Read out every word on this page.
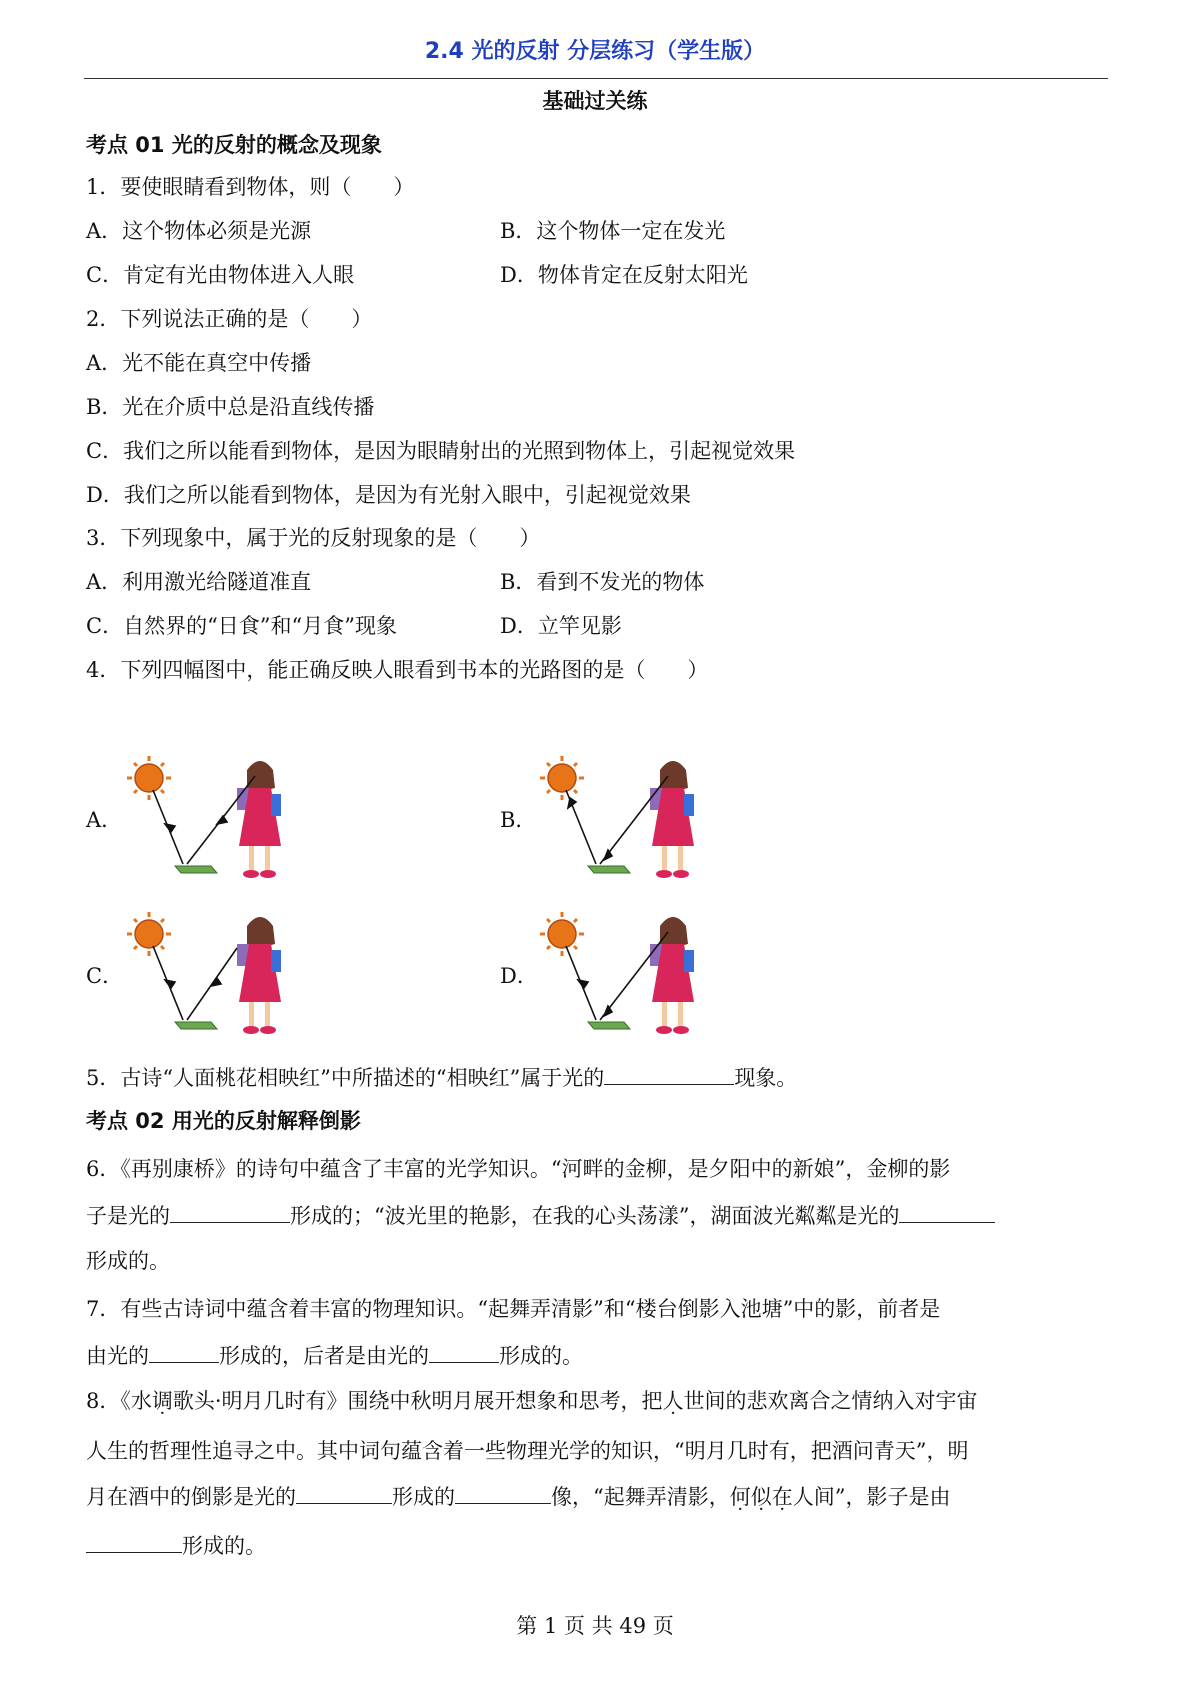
2.4 光的反射 分层练习（学生版）
基础过关练
考点 01 光的反射的概念及现象
1．要使眼睛看到物体，则（　　）
A．这个物体必须是光源	B．这个物体一定在发光
C．肯定有光由物体进入人眼	D．物体肯定在反射太阳光
2．下列说法正确的是（　　）
A．光不能在真空中传播
B．光在介质中总是沿直线传播
C．我们之所以能看到物体，是因为眼睛射出的光照到物体上，引起视觉效果
D．我们之所以能看到物体，是因为有光射入眼中，引起视觉效果
3．下列现象中，属于光的反射现象的是（　　）
A．利用激光给隧道准直	B．看到不发光的物体
C．自然界的“日食”和“月食”现象	D．立竿见影
4．下列四幅图中，能正确反映人眼看到书本的光路图的是（　　）
A．	B．
C．	D．
5．古诗“人面桃花相映红”中所描述的“相映红”属于光的	现象。
考点 02 用光的反射解释倒影
6．《再别康桥》的诗句中蕴含了丰富的光学知识。“河畔的金柳，是夕阳中的新娘”，金柳的影
子是光的	形成的；“波光里的艳影，在我的心头荡漾”，湖面波光粼粼是光的
形成的。
7．有些古诗词中蕴含着丰富的物理知识。“起舞弄清影”和“楼台倒影入池塘”中的影，前者是
由光的	形成的，后者是由光的	形成的。
8．《水调歌头·明月几时有》围绕中秋明月展开想象和思考，把人世间的悲欢离合之情纳入对宇宙
人生的哲理性追寻之中。其中词句蕴含着一些物理光学的知识，“明月几时有，把酒问青天”，明
月在酒中的倒影是光的	形成的	像，“起舞弄清影，何似在人间”，影子是由
形成的。
第 1 页 共 49 页
